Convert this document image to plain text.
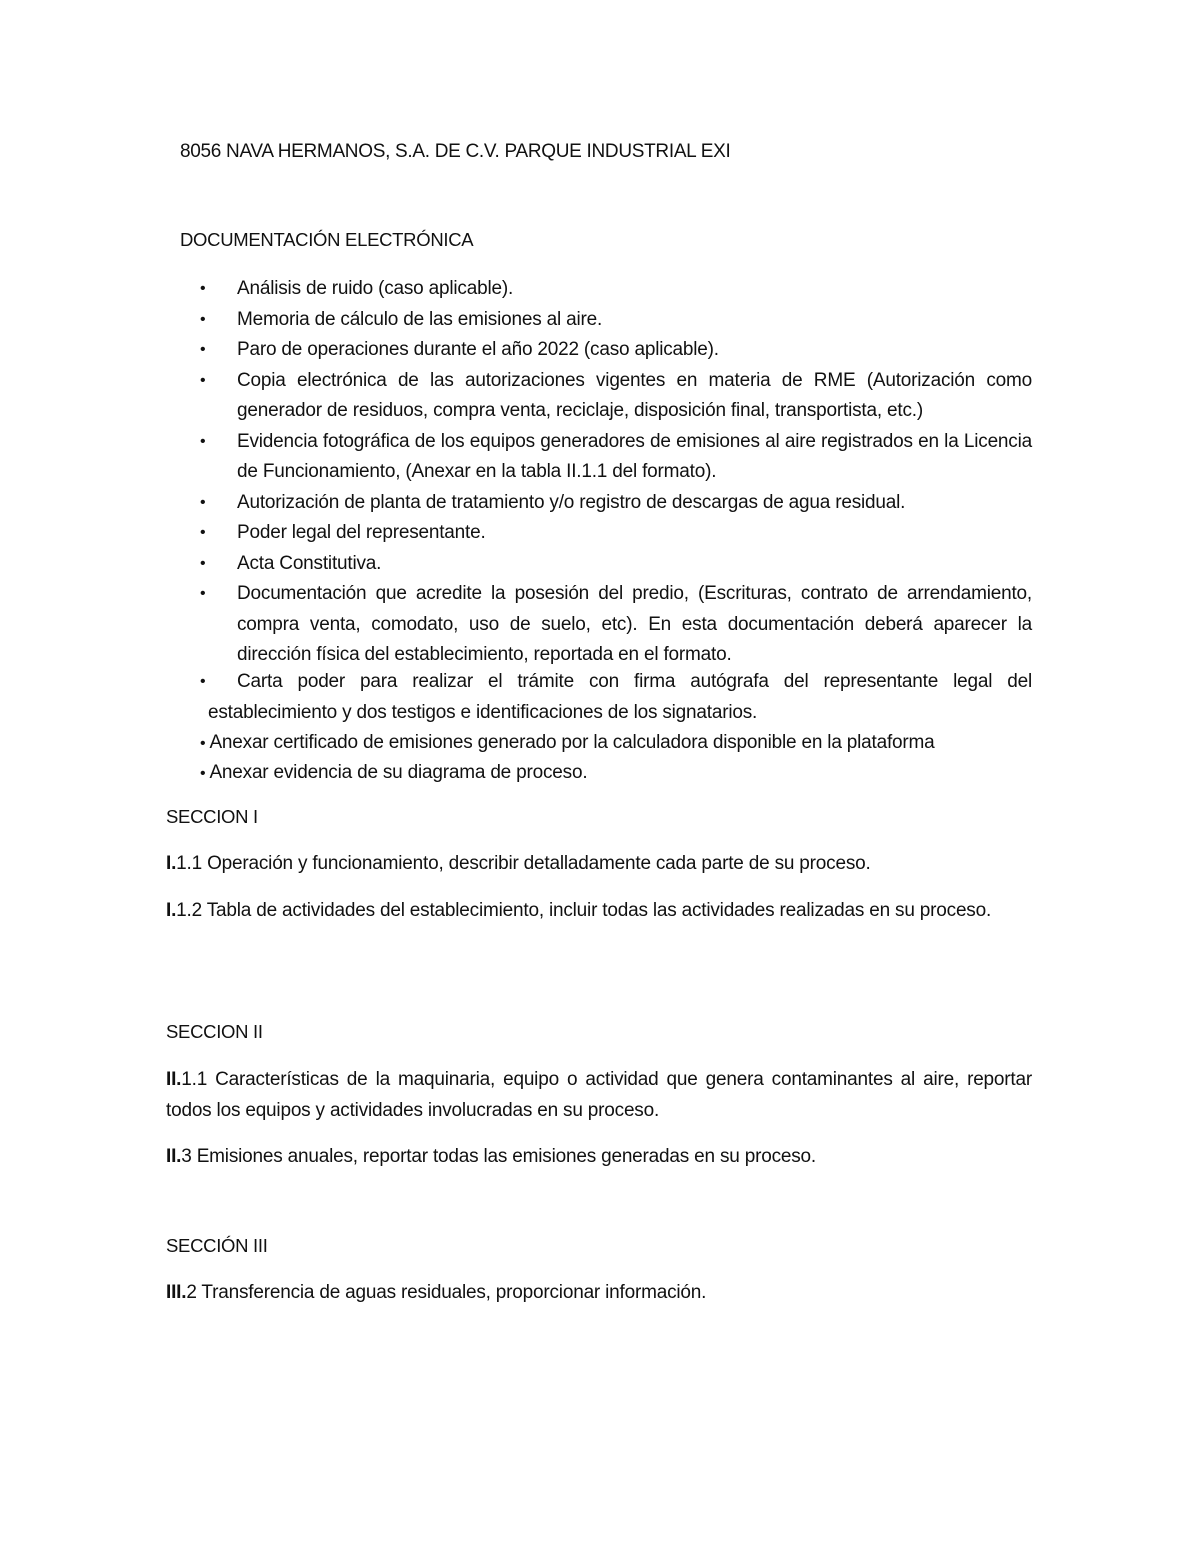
8056 NAVA HERMANOS, S.A. DE C.V. PARQUE INDUSTRIAL EXI
DOCUMENTACIÓN ELECTRÓNICA
• Análisis de ruido (caso aplicable).
• Memoria de cálculo de las emisiones al aire.
• Paro de operaciones durante el año 2022 (caso aplicable).
• Copia electrónica de las autorizaciones vigentes en materia de RME (Autorización como generador de residuos, compra venta, reciclaje, disposición final, transportista, etc.)
• Evidencia fotográfica de los equipos generadores de emisiones al aire registrados en la Licencia de Funcionamiento, (Anexar en la tabla II.1.1 del formato).
• Autorización de planta de tratamiento y/o registro de descargas de agua residual.
• Poder legal del representante.
• Acta Constitutiva.
• Documentación que acredite la posesión del predio, (Escrituras, contrato de arrendamiento, compra venta, comodato, uso de suelo, etc). En esta documentación deberá aparecer la dirección física del establecimiento, reportada en el formato.
•	Carta poder para realizar el trámite con firma autógrafa del representante legal del
establecimiento y dos testigos e identificaciones de los signatarios.
• Anexar certificado de emisiones generado por la calculadora disponible en la plataforma
• Anexar evidencia de su diagrama de proceso.
SECCION I
I.1.1 Operación y funcionamiento, describir detalladamente cada parte de su proceso.
I.1.2 Tabla de actividades del establecimiento, incluir todas las actividades realizadas en su proceso.
SECCION II
II.1.1 Características de la maquinaria, equipo o actividad que genera contaminantes al aire, reportar todos los equipos y actividades involucradas en su proceso.
II.3 Emisiones anuales, reportar todas las emisiones generadas en su proceso.
SECCIÓN III
III.2 Transferencia de aguas residuales, proporcionar información.
